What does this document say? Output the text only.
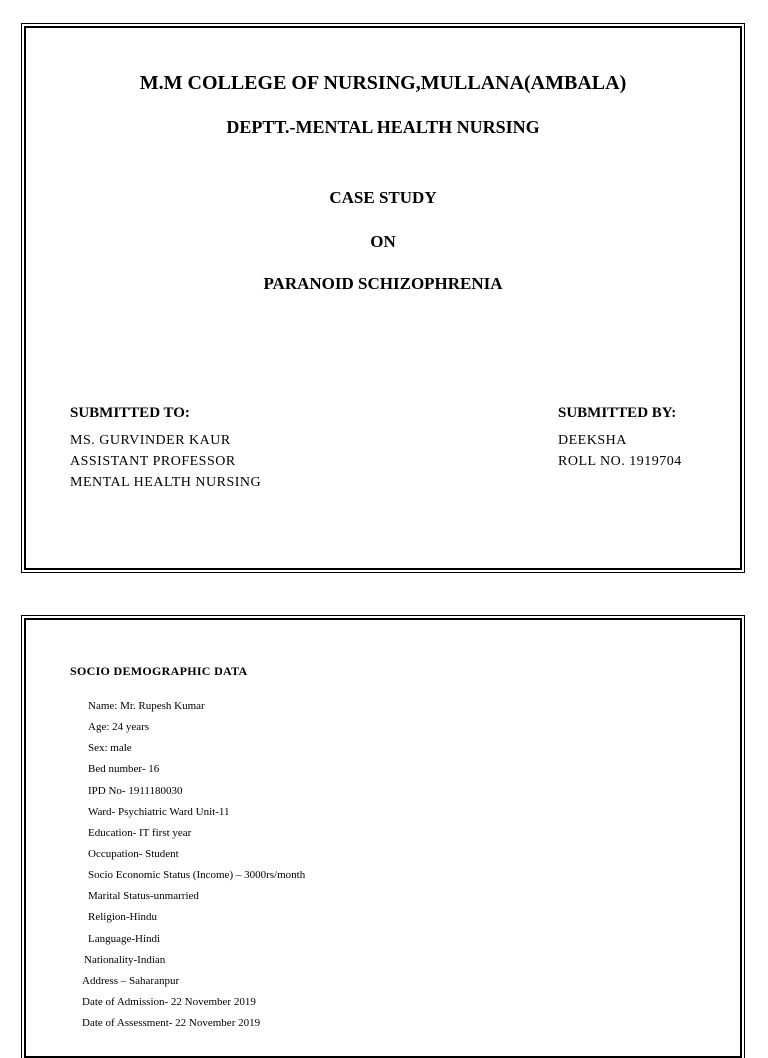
M.M COLLEGE OF NURSING,MULLANA(AMBALA)
DEPTT.-MENTAL HEALTH NURSING
CASE STUDY
ON
PARANOID SCHIZOPHRENIA
SUBMITTED TO:
MS. GURVINDER KAUR
ASSISTANT PROFESSOR
MENTAL HEALTH NURSING
SUBMITTED BY:
DEEKSHA
ROLL NO. 1919704
SOCIO DEMOGRAPHIC DATA
Name: Mr. Rupesh Kumar
Age: 24 years
Sex: male
Bed number- 16
IPD No- 1911180030
Ward- Psychiatric Ward Unit-11
Education- IT first year
Occupation- Student
Socio Economic Status (Income) – 3000rs/month
Marital Status-unmarried
Religion-Hindu
Language-Hindi
Nationality-Indian
Address – Saharanpur
Date of Admission- 22 November 2019
Date of Assessment- 22 November 2019
